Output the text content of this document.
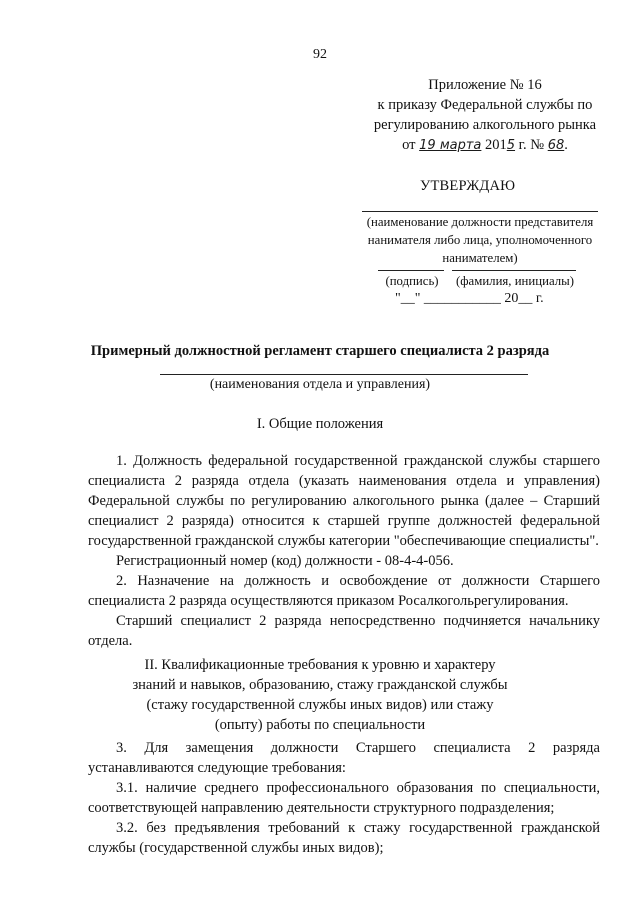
92
Приложение № 16
к приказу Федеральной службы по
регулированию алкогольного рынка
от 19 марта 2015 г. № 68.
УТВЕРЖДАЮ
(наименование должности представителя
нанимателя либо лица, уполномоченного
нанимателем)
(подпись)	(фамилия, инициалы)
"__" ___________ 20__ г.
Примерный должностной регламент старшего специалиста 2 разряда
(наименования отдела и управления)
I. Общие положения

1. Должность федеральной государственной гражданской службы старшего специалиста 2 разряда отдела (указать наименования отдела и управления) Федеральной службы по регулированию алкогольного рынка (далее – Старший специалист 2 разряда) относится к старшей группе должностей федеральной государственной гражданской службы категории "обеспечивающие специалисты".

Регистрационный номер (код) должности - 08-4-4-056.

2. Назначение на должность и освобождение от должности Старшего специалиста 2 разряда осуществляются приказом Росалкогольрегулирования.

Старший специалист 2 разряда непосредственно подчиняется начальнику отдела.

II. Квалификационные требования к уровню и характеру
знаний и навыков, образованию, стажу гражданской службы
(стажу государственной службы иных видов) или стажу
(опыту) работы по специальности

3. Для замещения должности Старшего специалиста 2 разряда устанавливаются следующие требования:

3.1. наличие среднего профессионального образования по специальности, соответствующей направлению деятельности структурного подразделения;

3.2. без предъявления требований к стажу государственной гражданской службы (государственной службы иных видов);
